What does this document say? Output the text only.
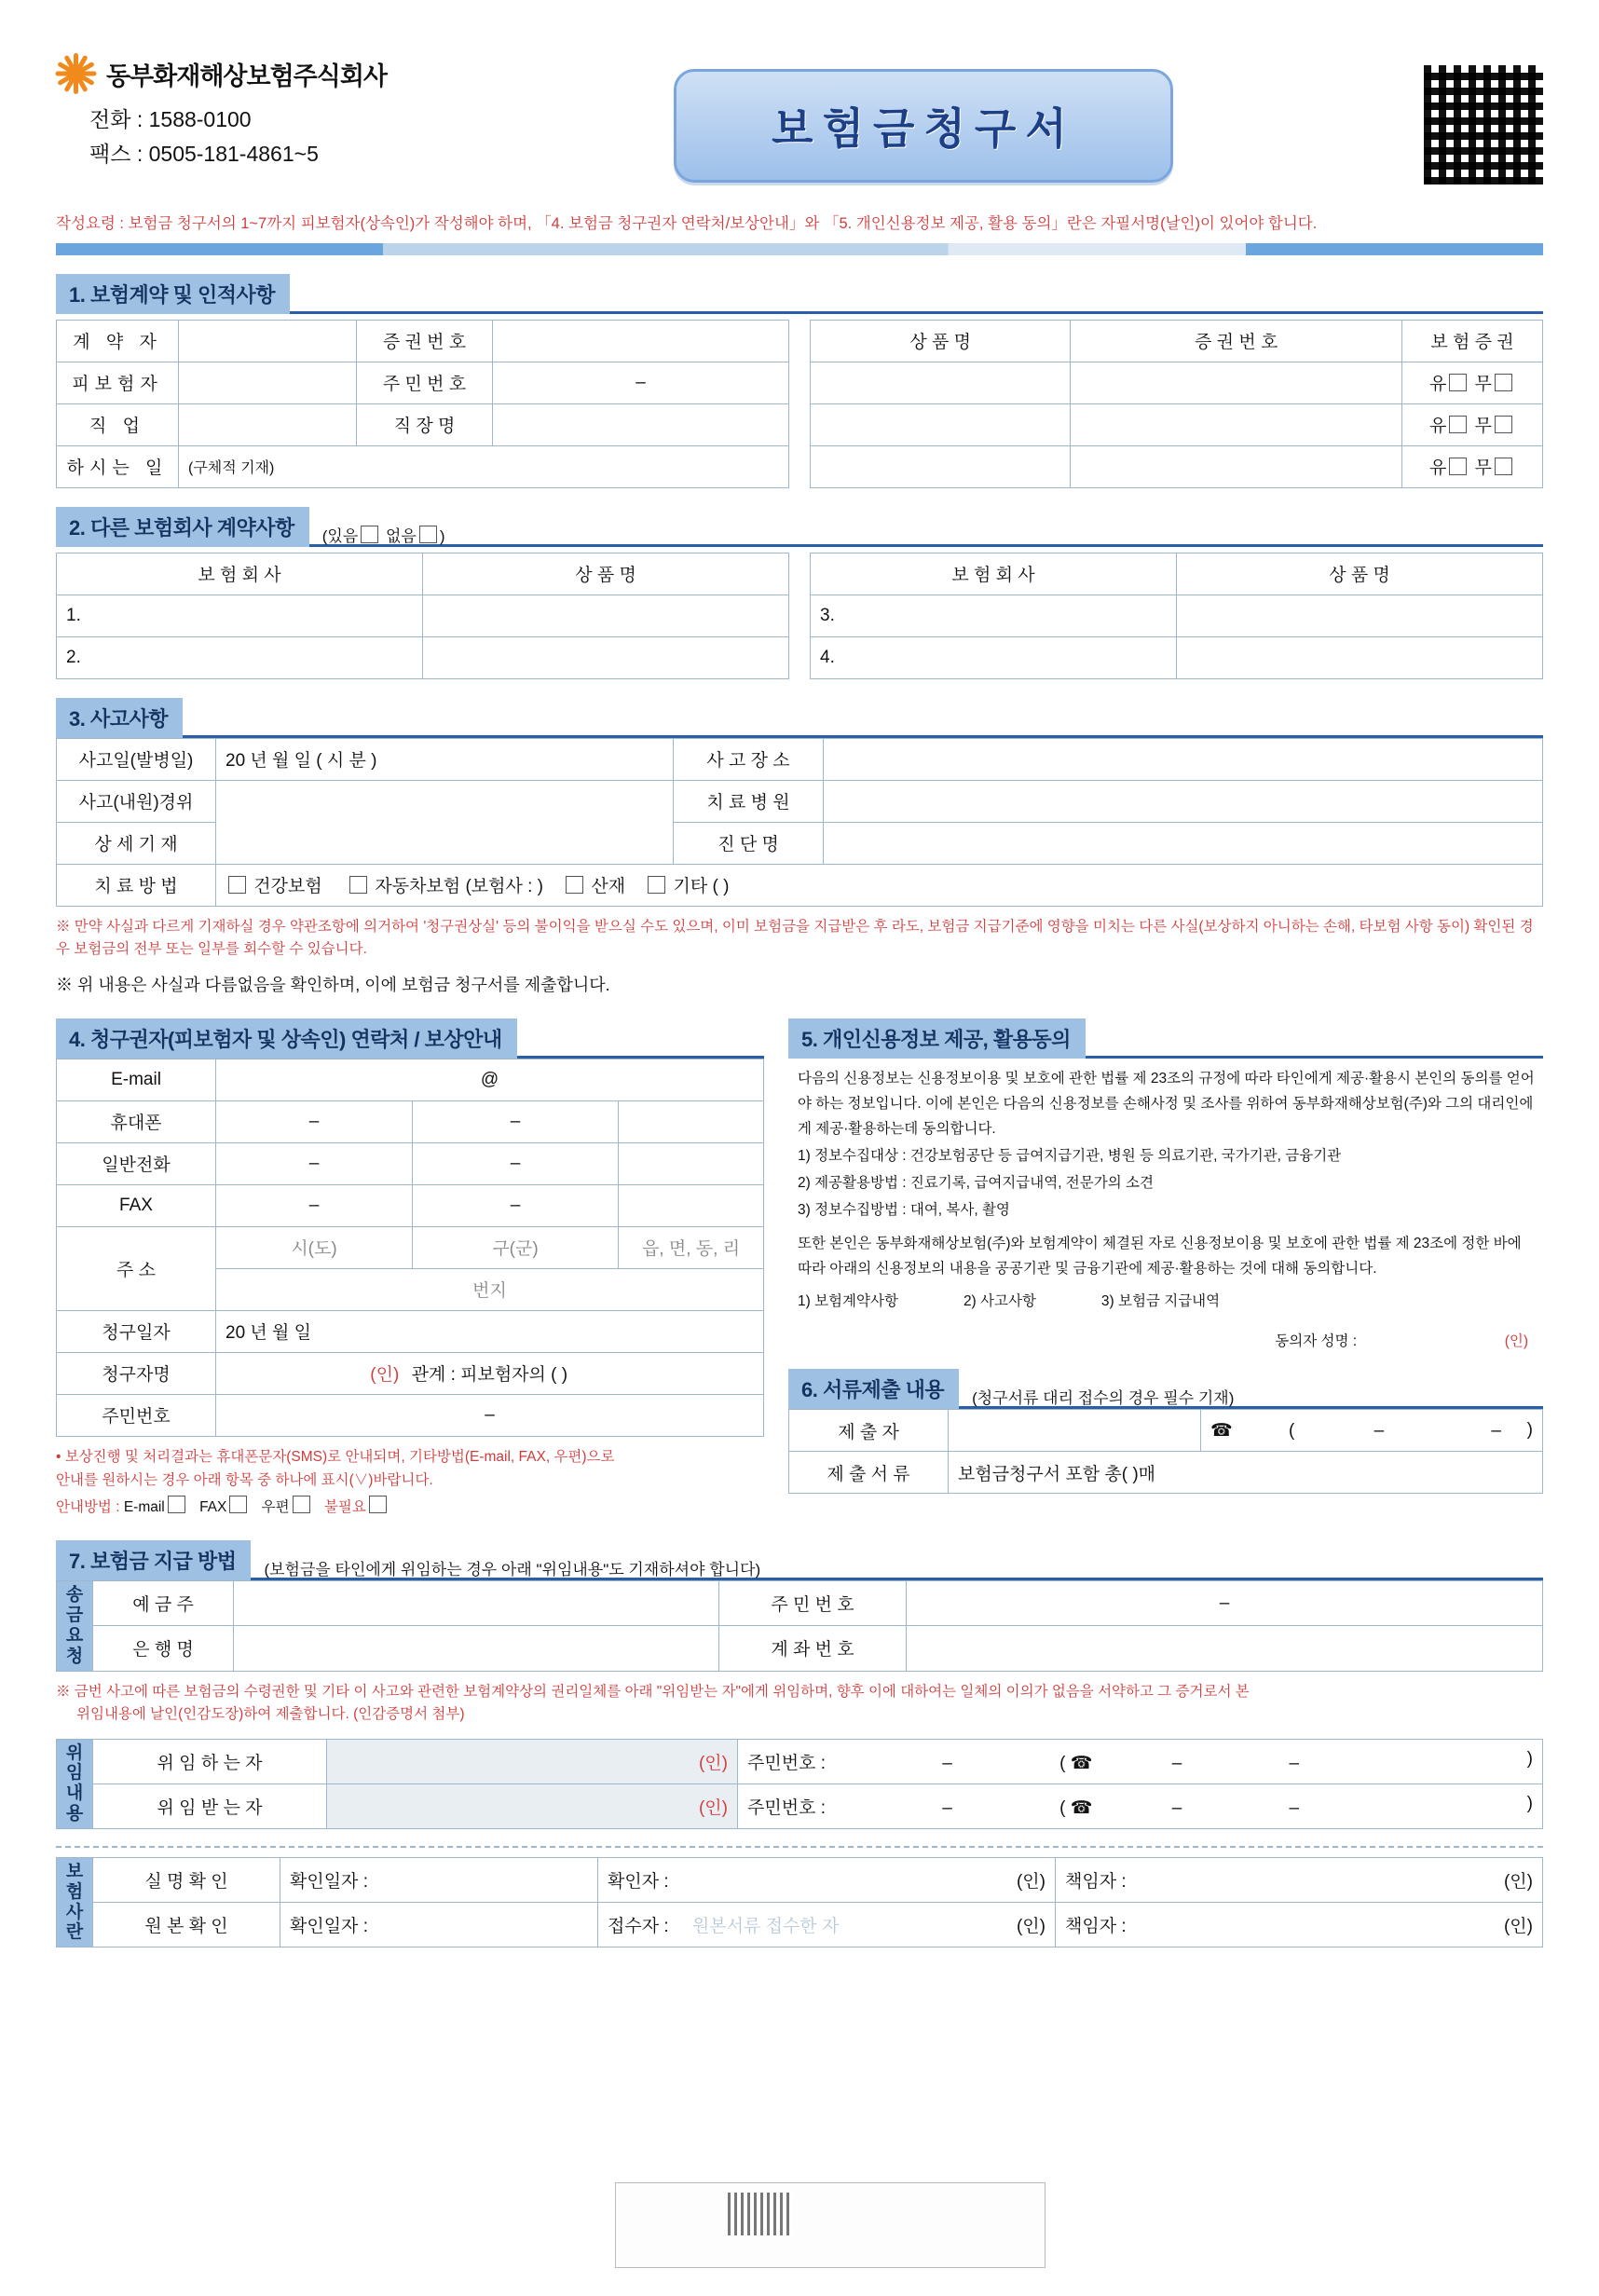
동부화재해상보험주식회사
전화 : 1588-0100
팩스 : 0505-181-4861~5
보험금청구서
작성요령 : 보험금 청구서의 1~7까지 피보험자(상속인)가 작성해야 하며, 「4. 보험금 청구권자 연락처/보상안내」와 「5. 개인신용정보 제공, 활용 동의」란은 자필서명(날인)이 있어야 합니다.
1. 보험계약 및 인적사항
계 약 자		증 권 번 호	
피보험자		주 민 번 호	–
직 업		직 장 명	
하시는 일	(구체적 기재)		
상 품 명	증 권 번 호	보 험 증 권
		유 무
		유 무
		유 무
2. 다른 보험회사 계약사항	(있음 없음 )
보 험 회 사	상 품 명
1.	
2.	
보 험 회 사	상 품 명
3.	
4.	
3. 사고사항
사고일(발병일)	20 년 월 일 ( 시 분 )	사 고 장 소	
사고(내원)경위		치 료 병 원	
상 세 기 재		진 단 명	
치 료 방 법	건강보험 자동차보험 (보험사 : ) 산재 기타 ( )		
※ 만약 사실과 다르게 기재하실 경우 약관조항에 의거하여 '청구권상실' 등의 불이익을 받으실 수도 있으며, 이미 보험금을 지급받은 후 라도, 보험금 지급기준에 영향을 미치는 다른 사실(보상하지 아니하는 손해, 타보험 사항 동이) 확인된 경우 보험금의 전부 또는 일부를 회수할 수 있습니다.
※ 위 내용은 사실과 다름없음을 확인하며, 이에 보험금 청구서를 제출합니다.
4. 청구권자(피보험자 및 상속인) 연락처 / 보상안내
E-mail	@		
휴대폰	–	–	
일반전화	–	–	
FAX	–	–	
주 소	시(도)	구(군)	읍, 면, 동, 리
	번지		
청구일자	20 년 월 일		
청구자명	(인) 관계 : 피보험자의 ( )		
주민번호	–		
• 보상진행 및 처리결과는 휴대폰문자(SMS)로 안내되며, 기타방법(E-mail, FAX, 우편)으로
안내를 원하시는 경우 아래 항목 중 하나에 표시(∨)바랍니다.
안내방법 : E-mail FAX 우편 불필요
5. 개인신용정보 제공, 활용동의

다음의 신용정보는 신용정보이용 및 보호에 관한 법률 제 23조의 규정에 따라 타인에게 제공·활용시 본인의 동의를 얻어야 하는 정보입니다. 이에 본인은 다음의 신용정보를 손해사정 및 조사를 위하여 동부화재해상보험(주)와 그의 대리인에게 제공·활용하는데 동의합니다.

1) 정보수집대상 : 건강보험공단 등 급여지급기관, 병원 등 의료기관, 국가기관, 금융기관

2) 제공활용방법 : 진료기록, 급여지급내역, 전문가의 소견

3) 정보수집방법 : 대여, 복사, 촬영

또한 본인은 동부화재해상보험(주)와 보험계약이 체결된 자로 신용정보이용 및 보호에 관한 법률 제 23조에 정한 바에 따라 아래의 신용정보의 내용을 공공기관 및 금융기관에 제공·활용하는 것에 대해 동의합니다.

1) 보험계약사항	2) 사고사항	3) 보험금 지급내역

동의자 성명 :	(인)

6. 서류제출 내용	(청구서류 대리 접수의 경우 필수 기재)
제 출 자		☎ ( – – )

제 출 서 류	보험금청구서 포함 총( )매	
7. 보험금 지급 방법	(보험금을 타인에게 위임하는 경우 아래 "위임내용"도 기재하셔야 합니다)
송
금
요
청	예 금 주		주 민 번 호	–
	은 행 명		계 좌 번 호	
※ 금번 사고에 따른 보험금의 수령권한 및 기타 이 사고와 관련한 보험계약상의 권리일체를 아래 "위임받는 자"에게 위임하며, 향후 이에 대하여는 일체의 이의가 없음을 서약하고 그 증거로서 본
위임내용에 날인(인감도장)하여 제출합니다. (인감증명서 첨부)
위
임
내
용	위 임 하 는 자	(인)	주민번호 : – ( ☎ – – )

	위 임 받 는 자	(인)	주민번호 : – ( ☎ – – )
보
험
사
란	실 명 확 인	확인일자 :	확인자 : (인)	책임자 : (인)

	원 본 확 인	확인일자 :	접수자 : 원본서류 접수한 자 (인)	책임자 : (인)
